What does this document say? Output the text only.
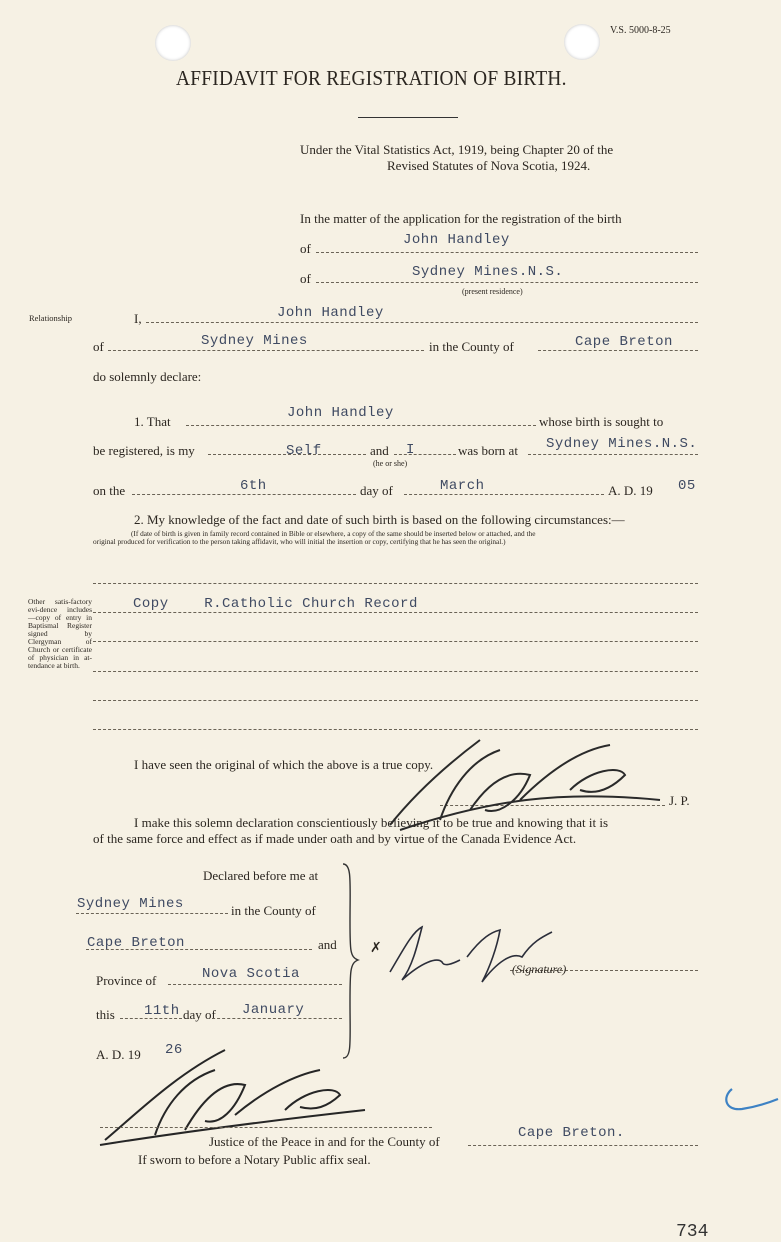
V.S. 5000-8-25
AFFIDAVIT FOR REGISTRATION OF BIRTH.
Under the Vital Statistics Act, 1919, being Chapter 20 of the
Revised Statutes of Nova Scotia, 1924.
In the matter of the application for the registration of the birth
of
John Handley
of	Sydney Mines.N.S.
(present residence)
Relationship	I,	John Handley
of	Sydney Mines	in the County of	Cape Breton
do solemnly declare:
1. That
John Handley
whose birth is sought to
be registered, is my	Self	and I
(he or she)
was born at Sydney Mines.N.S.
on the	6th	day of	March	A. D. 19 05
2. My knowledge of the fact and date of such birth is based on the following circumstances:—
(If date of birth is given in family record contained in Bible or elsewhere, a copy of the same should be inserted below or attached, and the
original produced for verification to the person taking affidavit, who will initial the insertion or copy, certifying that he has seen the original.)
Copy    R.Catholic Church Record
Other satis-factory evi-dence includes —copy of entry in Baptismal Register signed by Clergyman of Church or certificate of physician in at-tendance at birth.
I have seen the original of which the above is a true copy.
J. P.
I make this solemn declaration conscientiously believing it to be true and knowing that it is
of the same force and effect as if made under oath and by virtue of the Canada Evidence Act.
Declared before me at
Sydney Mines	in the County of
Cape Breton	and
Province of	Nova Scotia
this 11th day of January
A. D. 19 26
✗
(Signature)
Justice of the Peace in and for the County of
Cape Breton.
If sworn to before a Notary Public affix seal.
734
